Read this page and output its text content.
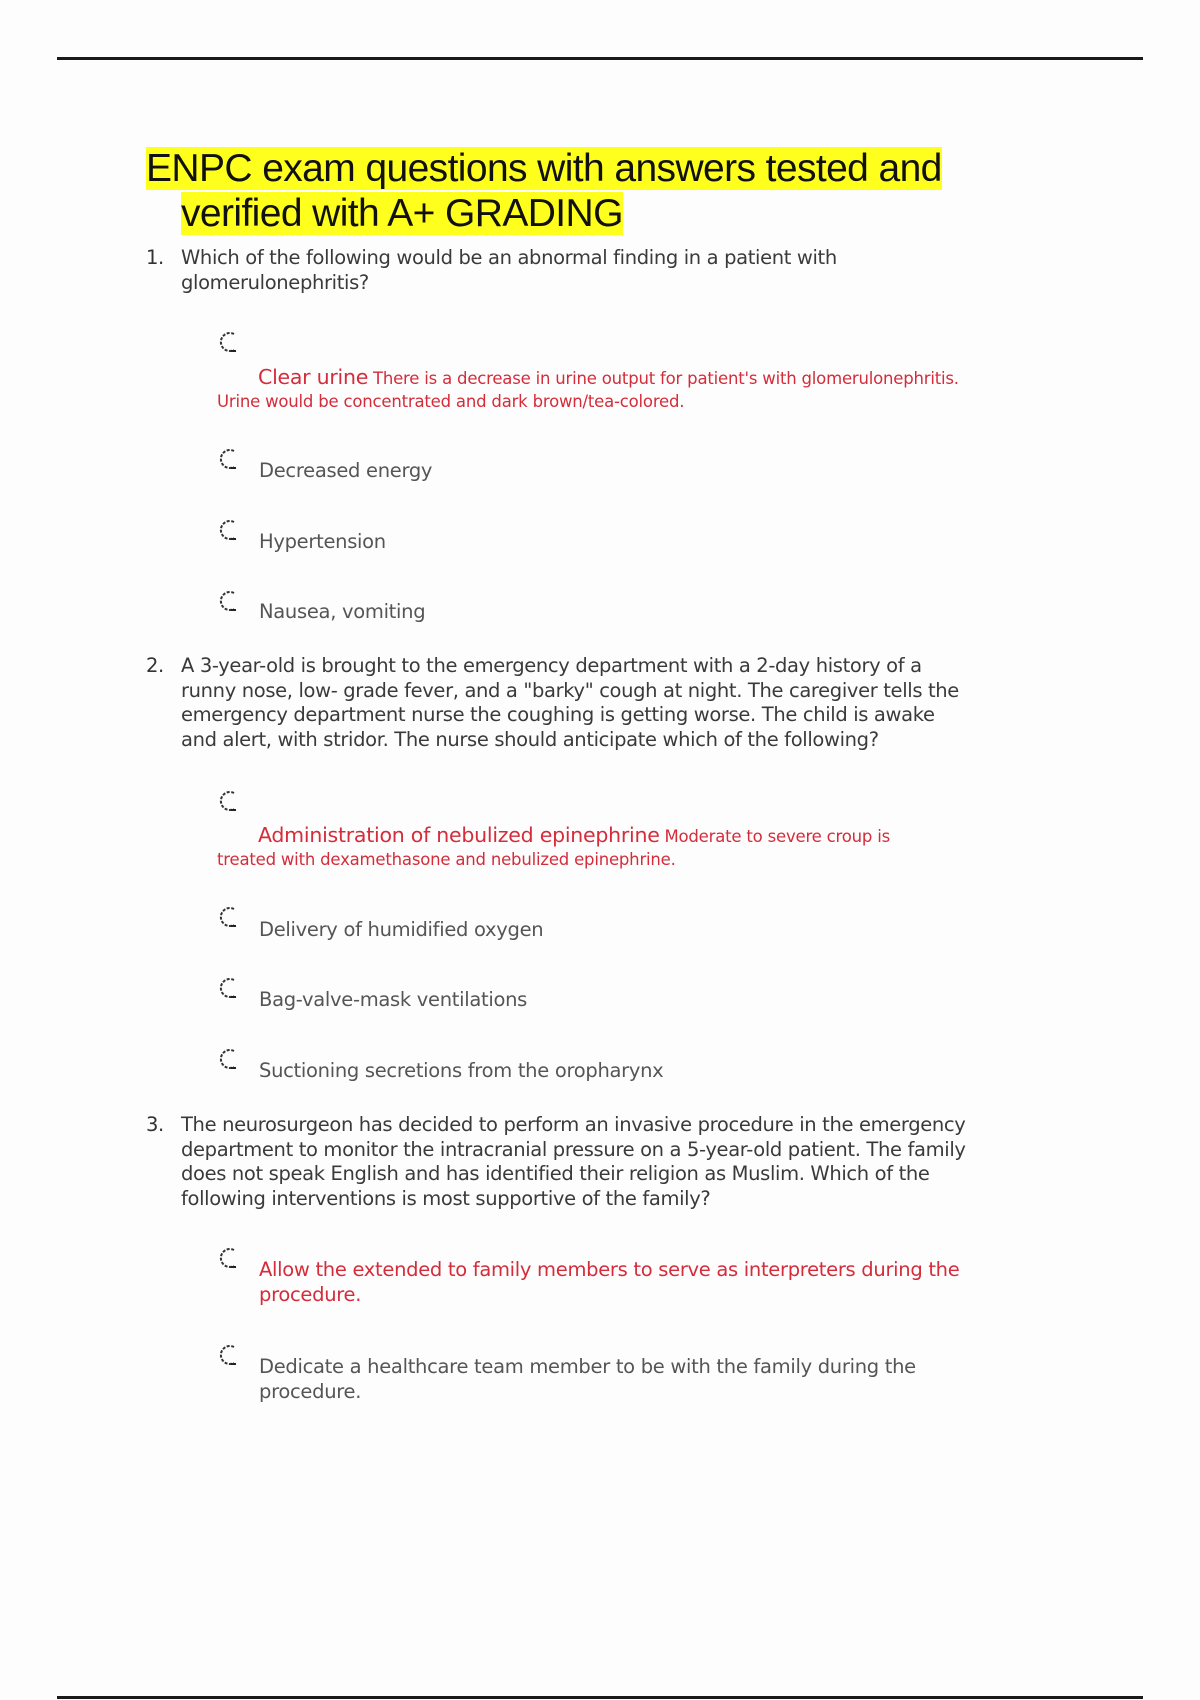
ENPC exam questions with answers tested and
verified with A+ GRADING
1. Which of the following would be an abnormal finding in a patient with
glomerulonephritis?
Clear urine There is a decrease in urine output for patient's with glomerulonephritis.
Urine would be concentrated and dark brown/tea-colored.
Decreased energy
Hypertension
Nausea, vomiting
2. A 3-year-old is brought to the emergency department with a 2-day history of a
runny nose, low- grade fever, and a "barky" cough at night. The caregiver tells the
emergency department nurse the coughing is getting worse. The child is awake
and alert, with stridor. The nurse should anticipate which of the following?
Administration of nebulized epinephrine Moderate to severe croup is
treated with dexamethasone and nebulized epinephrine.
Delivery of humidified oxygen
Bag-valve-mask ventilations
Suctioning secretions from the oropharynx
3. The neurosurgeon has decided to perform an invasive procedure in the emergency
department to monitor the intracranial pressure on a 5-year-old patient. The family
does not speak English and has identified their religion as Muslim. Which of the
following interventions is most supportive of the family?
Allow the extended to family members to serve as interpreters during the
procedure.
Dedicate a healthcare team member to be with the family during the
procedure.
